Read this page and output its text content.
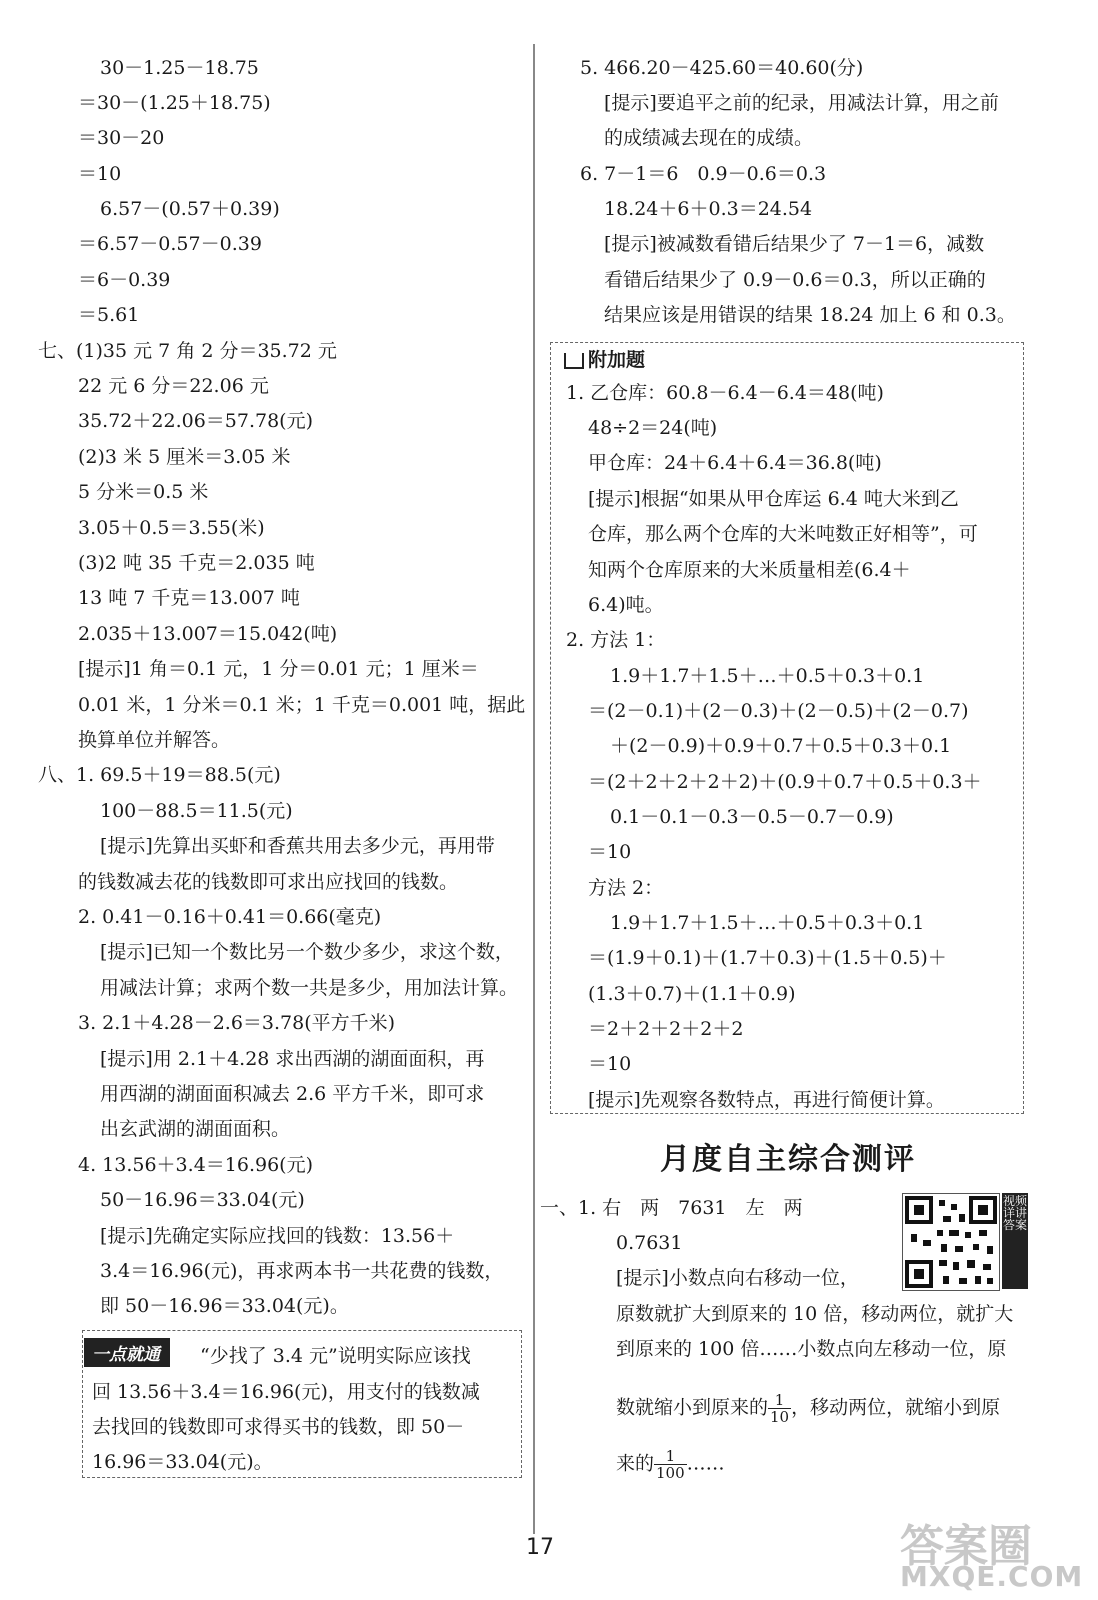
30－1.25－18.75
＝30－(1.25＋18.75)
＝30－20
＝10
6.57－(0.57＋0.39)
＝6.57－0.57－0.39
＝6－0.39
＝5.61
七、(1)35 元 7 角 2 分＝35.72 元
22 元 6 分＝22.06 元
35.72＋22.06＝57.78(元)
(2)3 米 5 厘米＝3.05 米
5 分米＝0.5 米
3.05＋0.5＝3.55(米)
(3)2 吨 35 千克＝2.035 吨
13 吨 7 千克＝13.007 吨
2.035＋13.007＝15.042(吨)
[提示]1 角＝0.1 元，1 分＝0.01 元；1 厘米＝
0.01 米，1 分米＝0.1 米；1 千克＝0.001 吨，据此
换算单位并解答。
八、1. 69.5＋19＝88.5(元)
100－88.5＝11.5(元)
[提示]先算出买虾和香蕉共用去多少元，再用带
的钱数减去花的钱数即可求出应找回的钱数。
2. 0.41－0.16＋0.41＝0.66(毫克)
[提示]已知一个数比另一个数少多少，求这个数，
用减法计算；求两个数一共是多少，用加法计算。
3. 2.1＋4.28－2.6＝3.78(平方千米)
[提示]用 2.1＋4.28 求出西湖的湖面面积，再
用西湖的湖面面积减去 2.6 平方千米，即可求
出玄武湖的湖面面积。
4. 13.56＋3.4＝16.96(元)
50－16.96＝33.04(元)
[提示]先确定实际应找回的钱数：13.56＋
3.4＝16.96(元)，再求两本书一共花费的钱数，
即 50－16.96＝33.04(元)。
一点就通	“少找了 3.4 元”说明实际应该找
回 13.56＋3.4＝16.96(元)，用支付的钱数减
去找回的钱数即可求得买书的钱数，即 50－
16.96＝33.04(元)。
5. 466.20－425.60＝40.60(分)
[提示]要追平之前的纪录，用减法计算，用之前
的成绩减去现在的成绩。
6. 7－1＝6　0.9－0.6＝0.3
18.24＋6＋0.3＝24.54
[提示]被减数看错后结果少了 7－1＝6，减数
看错后结果少了 0.9－0.6＝0.3，所以正确的
结果应该是用错误的结果 18.24 加上 6 和 0.3。
附加题
1. 乙仓库：60.8－6.4－6.4＝48(吨)
48÷2＝24(吨)
甲仓库：24＋6.4＋6.4＝36.8(吨)
[提示]根据“如果从甲仓库运 6.4 吨大米到乙
仓库，那么两个仓库的大米吨数正好相等”，可
知两个仓库原来的大米质量相差(6.4＋
6.4)吨。
2. 方法 1：
1.9＋1.7＋1.5＋…＋0.5＋0.3＋0.1
＝(2－0.1)＋(2－0.3)＋(2－0.5)＋(2－0.7)
＋(2－0.9)＋0.9＋0.7＋0.5＋0.3＋0.1
＝(2＋2＋2＋2＋2)＋(0.9＋0.7＋0.5＋0.3＋
0.1－0.1－0.3－0.5－0.7－0.9)
＝10
方法 2：
1.9＋1.7＋1.5＋…＋0.5＋0.3＋0.1
＝(1.9＋0.1)＋(1.7＋0.3)＋(1.5＋0.5)＋
(1.3＋0.7)＋(1.1＋0.9)
＝2＋2＋2＋2＋2
＝10
[提示]先观察各数特点，再进行简便计算。
月度自主综合测评
一、1. 右　两　7631　左　两
0.7631
[提示]小数点向右移动一位，
原数就扩大到原来的 10 倍，移动两位，就扩大
到原来的 100 倍……小数点向左移动一位，原
数就缩小到原来的 $\frac{1}{10}$ ，移动两位，就缩小到原
来的 $\frac{1}{100}$ ……
视频详讲答案
17	答案圈
MXQE.COM
